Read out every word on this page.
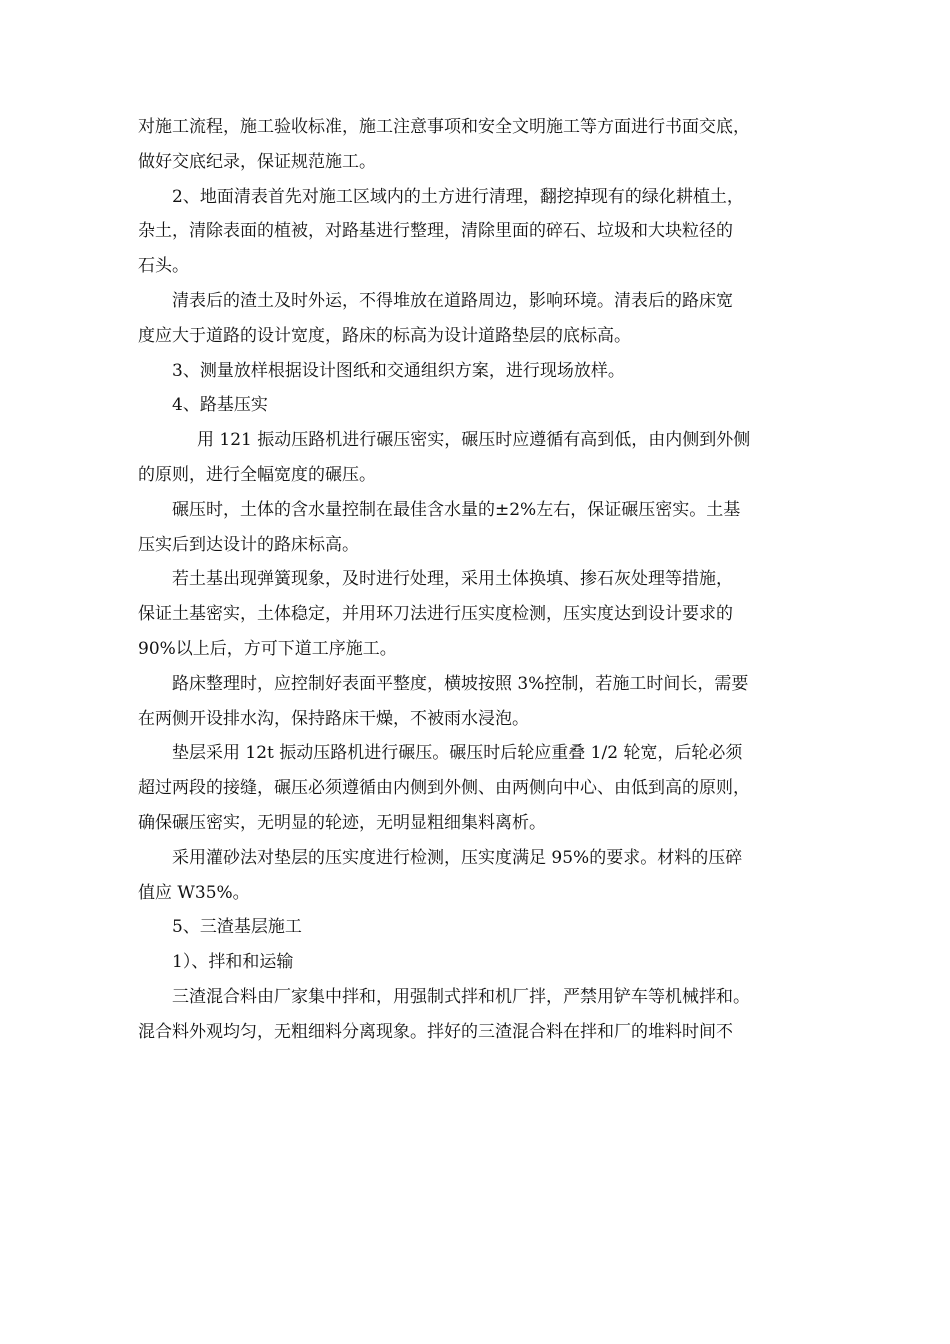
对施工流程，施工验收标准，施工注意事项和安全文明施工等方面进行书面交底，

做好交底纪录，保证规范施工。

2、地面清表首先对施工区域内的土方进行清理，翻挖掉现有的绿化耕植土，

杂土，清除表面的植被，对路基进行整理，清除里面的碎石、垃圾和大块粒径的

石头。

清表后的渣土及时外运，不得堆放在道路周边，影响环境。清表后的路床宽

度应大于道路的设计宽度，路床的标高为设计道路垫层的底标高。

3、测量放样根据设计图纸和交通组织方案，进行现场放样。

4、路基压实

用 121 振动压路机进行碾压密实，碾压时应遵循有高到低，由内侧到外侧

的原则，进行全幅宽度的碾压。

碾压时，土体的含水量控制在最佳含水量的±2%左右，保证碾压密实。土基

压实后到达设计的路床标高。

若土基出现弹簧现象，及时进行处理，采用土体换填、掺石灰处理等措施，

保证土基密实，土体稳定，并用环刀法进行压实度检测，压实度达到设计要求的

90%以上后，方可下道工序施工。

路床整理时，应控制好表面平整度，横坡按照 3%控制，若施工时间长，需要

在两侧开设排水沟，保持路床干燥，不被雨水浸泡。

垫层采用 12t 振动压路机进行碾压。碾压时后轮应重叠 1/2 轮宽，后轮必须

超过两段的接缝，碾压必须遵循由内侧到外侧、由两侧向中心、由低到高的原则，

确保碾压密实，无明显的轮迹，无明显粗细集料离析。

采用灌砂法对垫层的压实度进行检测，压实度满足 95%的要求。材料的压碎

值应 W35%。

5、三渣基层施工

1）、拌和和运输

三渣混合料由厂家集中拌和，用强制式拌和机厂拌，严禁用铲车等机械拌和。

混合料外观均匀，无粗细料分离现象。拌好的三渣混合料在拌和厂的堆料时间不
